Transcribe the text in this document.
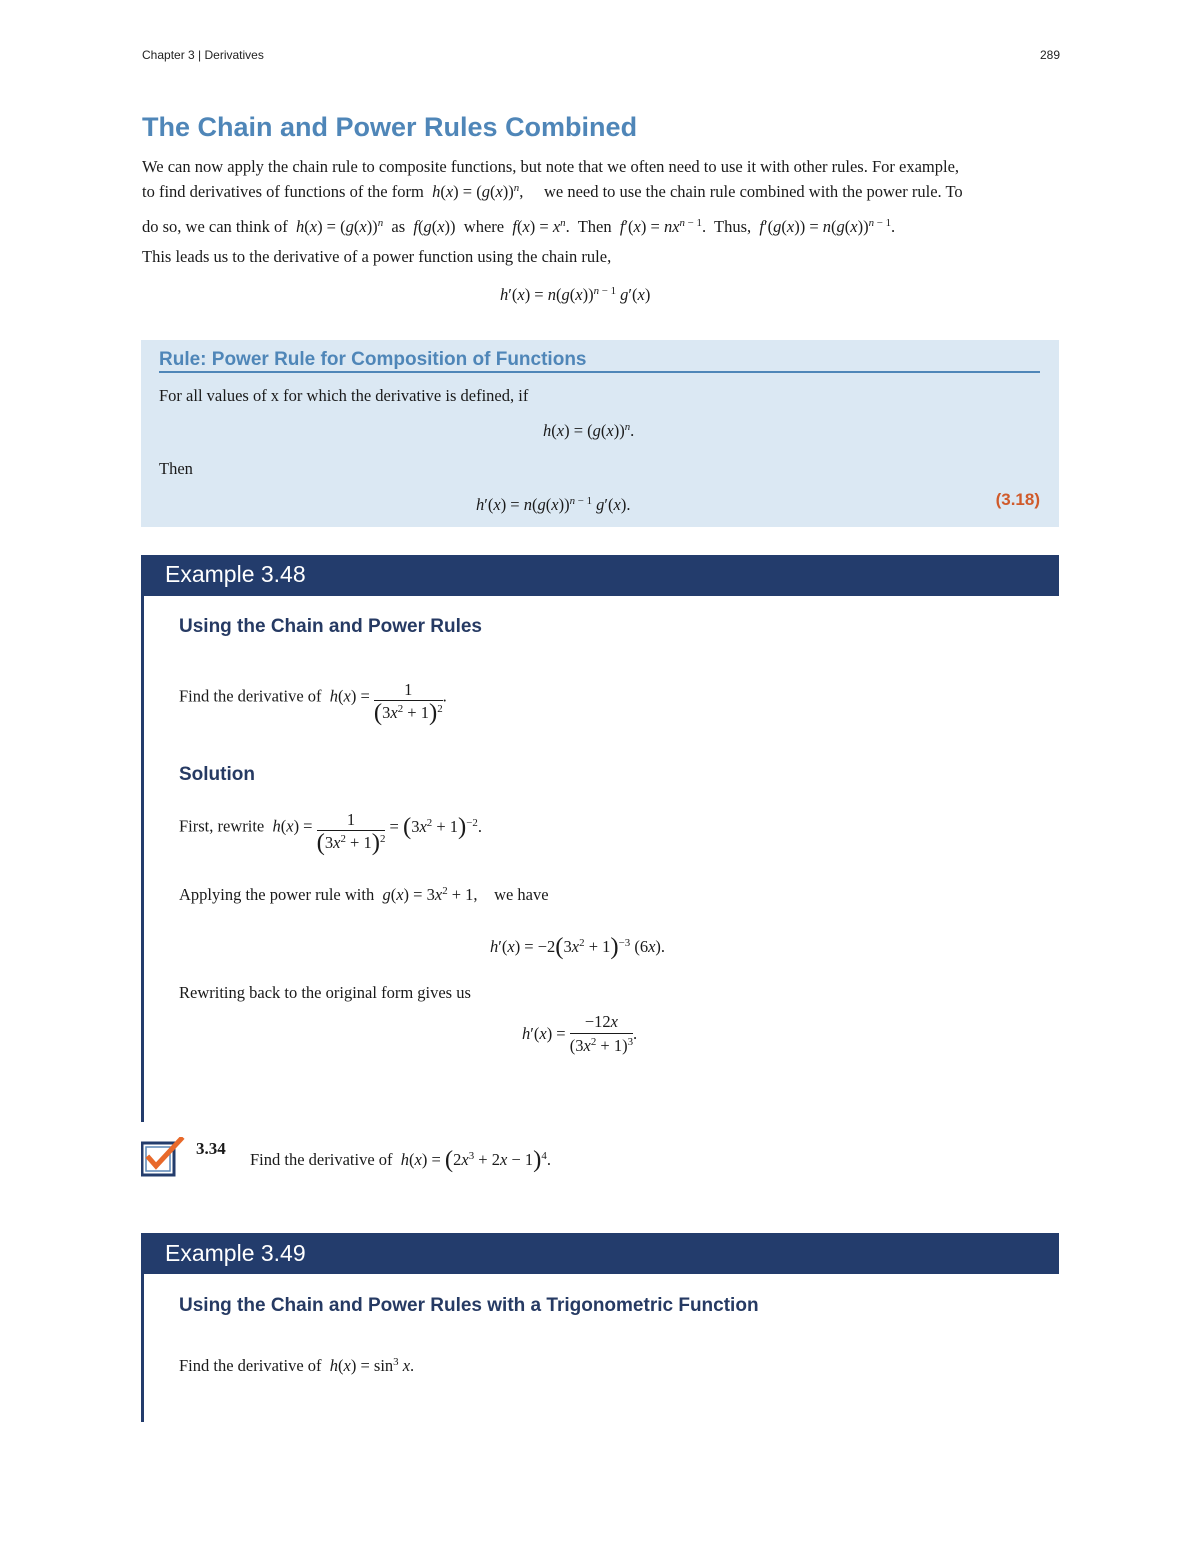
Chapter 3 | Derivatives	289
The Chain and Power Rules Combined
We can now apply the chain rule to composite functions, but note that we often need to use it with other rules. For example,
to find derivatives of functions of the form  $h(x) = (g(x))^n$,     we need to use the chain rule combined with the power rule. To
do so, we can think of $h(x) = (g(x))^n$ as f(g(x))  where $f(x) = x^n$.  Then $f'(x) = nx^{n - 1}$.  Thus, $f'(g(x)) = n(g(x))^{n - 1}$.
This leads us to the derivative of a power function using the chain rule,
$h'(x) = n(g(x))^{n - 1}$ g′(x)
Rule: Power Rule for Composition of Functions
For all values of x for which the derivative is defined, if
$h(x) = (g(x))^n$.
Then
$h'(x) = n(g(x))^{n - 1}$ g′(x).	(3.18)
Example 3.48
Using the Chain and Power Rules
Find the derivative of $h(x) = \frac{1}{(3x^2 + 1)^2}$ .
Solution
First, rewrite $h(x) = \frac{1}{(3x^2 + 1)^2} = (3x^2 + 1)^{-2}$.
Applying the power rule with $g(x) = 3x^2 + 1$,    we have
$h'(x) = -2(3x^2 + 1)^{-3}$ (6x).
Rewriting back to the original form gives us
$h'(x) = \frac{-12x}{(3x^2 + 1)^3}$ .
3.34
Find the derivative of $h(x) = (2x^3 + 2x - 1)^4$.
Example 3.49
Using the Chain and Power Rules with a Trigonometric Function
Find the derivative of $h(x) = \sin^3 x$.
